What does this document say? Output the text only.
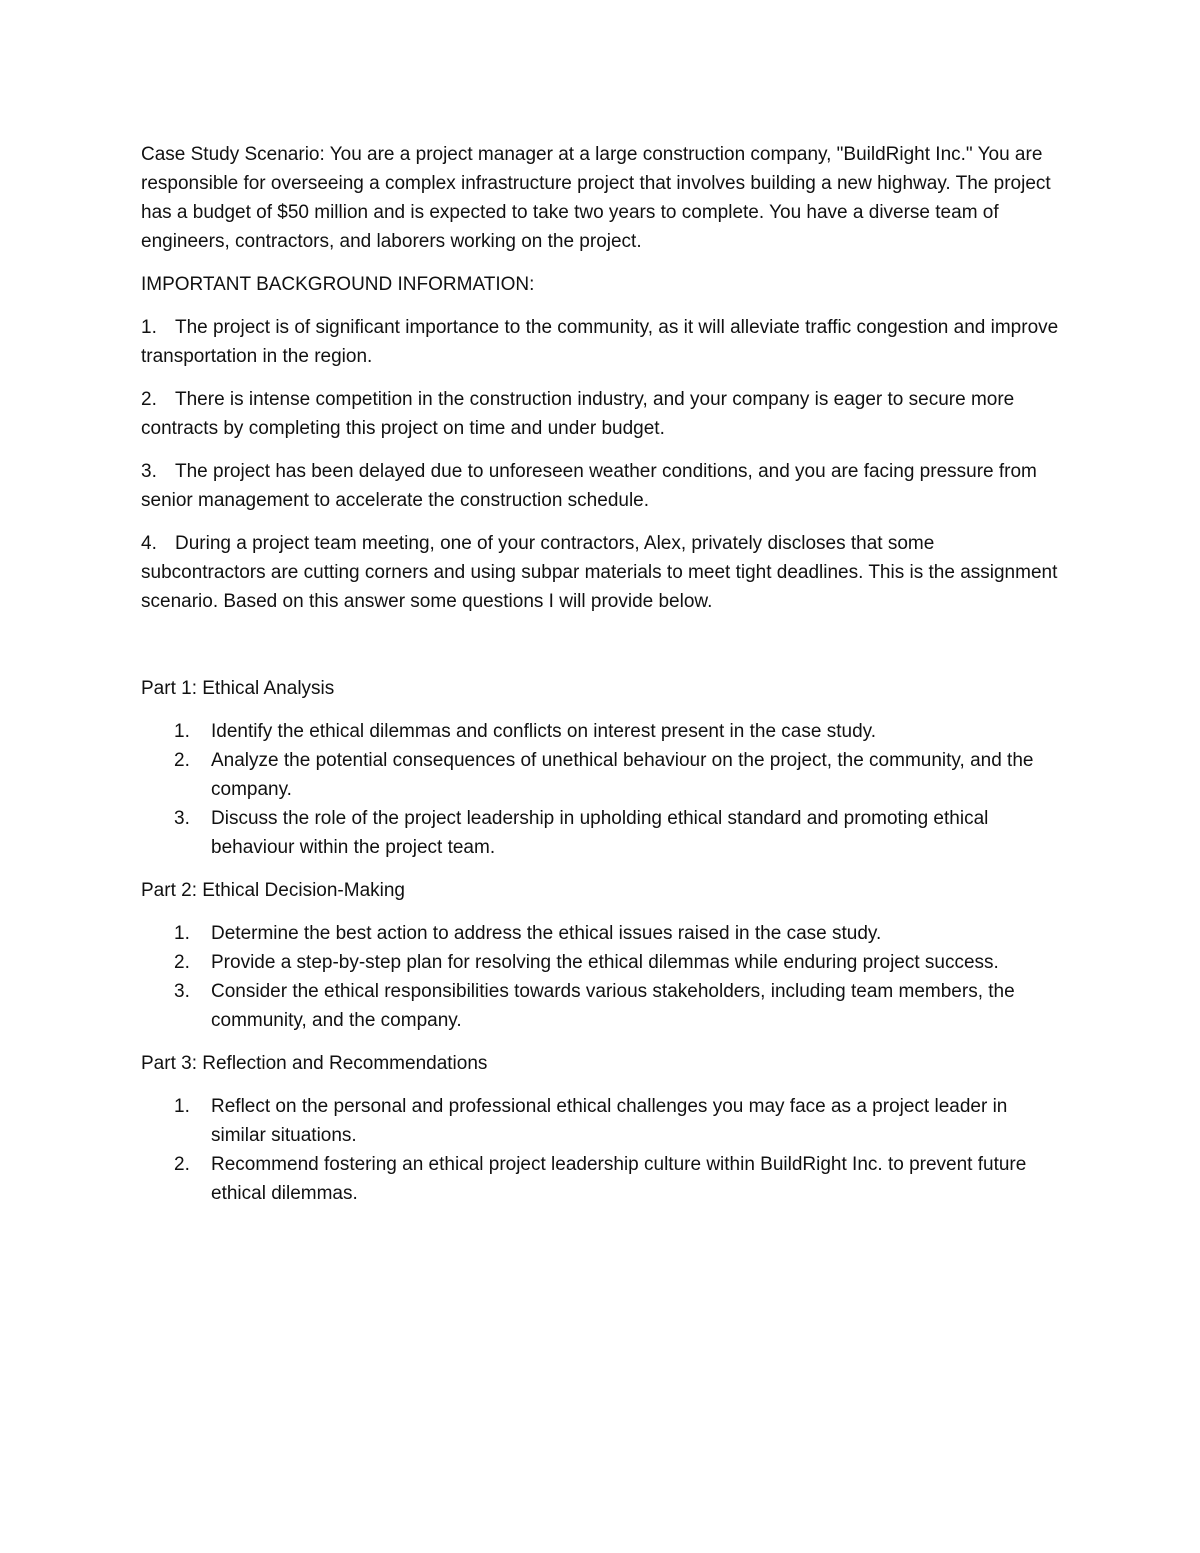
Case Study Scenario: You are a project manager at a large construction company, "BuildRight Inc." You are responsible for overseeing a complex infrastructure project that involves building a new highway. The project has a budget of $50 million and is expected to take two years to complete. You have a diverse team of engineers, contractors, and laborers working on the project.

IMPORTANT BACKGROUND INFORMATION:

1. The project is of significant importance to the community, as it will alleviate traffic congestion and improve transportation in the region.

2. There is intense competition in the construction industry, and your company is eager to secure more contracts by completing this project on time and under budget.

3. The project has been delayed due to unforeseen weather conditions, and you are facing pressure from senior management to accelerate the construction schedule.

4. During a project team meeting, one of your contractors, Alex, privately discloses that some subcontractors are cutting corners and using subpar materials to meet tight deadlines. This is the assignment scenario. Based on this answer some questions I will provide below.

Part 1: Ethical Analysis

1. Identify the ethical dilemmas and conflicts on interest present in the case study.
2. Analyze the potential consequences of unethical behaviour on the project, the community, and the company.
3. Discuss the role of the project leadership in upholding ethical standard and promoting ethical behaviour within the project team.

Part 2: Ethical Decision-Making

1. Determine the best action to address the ethical issues raised in the case study.
2. Provide a step-by-step plan for resolving the ethical dilemmas while enduring project success.
3. Consider the ethical responsibilities towards various stakeholders, including team members, the community, and the company.

Part 3: Reflection and Recommendations

1. Reflect on the personal and professional ethical challenges you may face as a project leader in similar situations.
2. Recommend fostering an ethical project leadership culture within BuildRight Inc. to prevent future ethical dilemmas.
